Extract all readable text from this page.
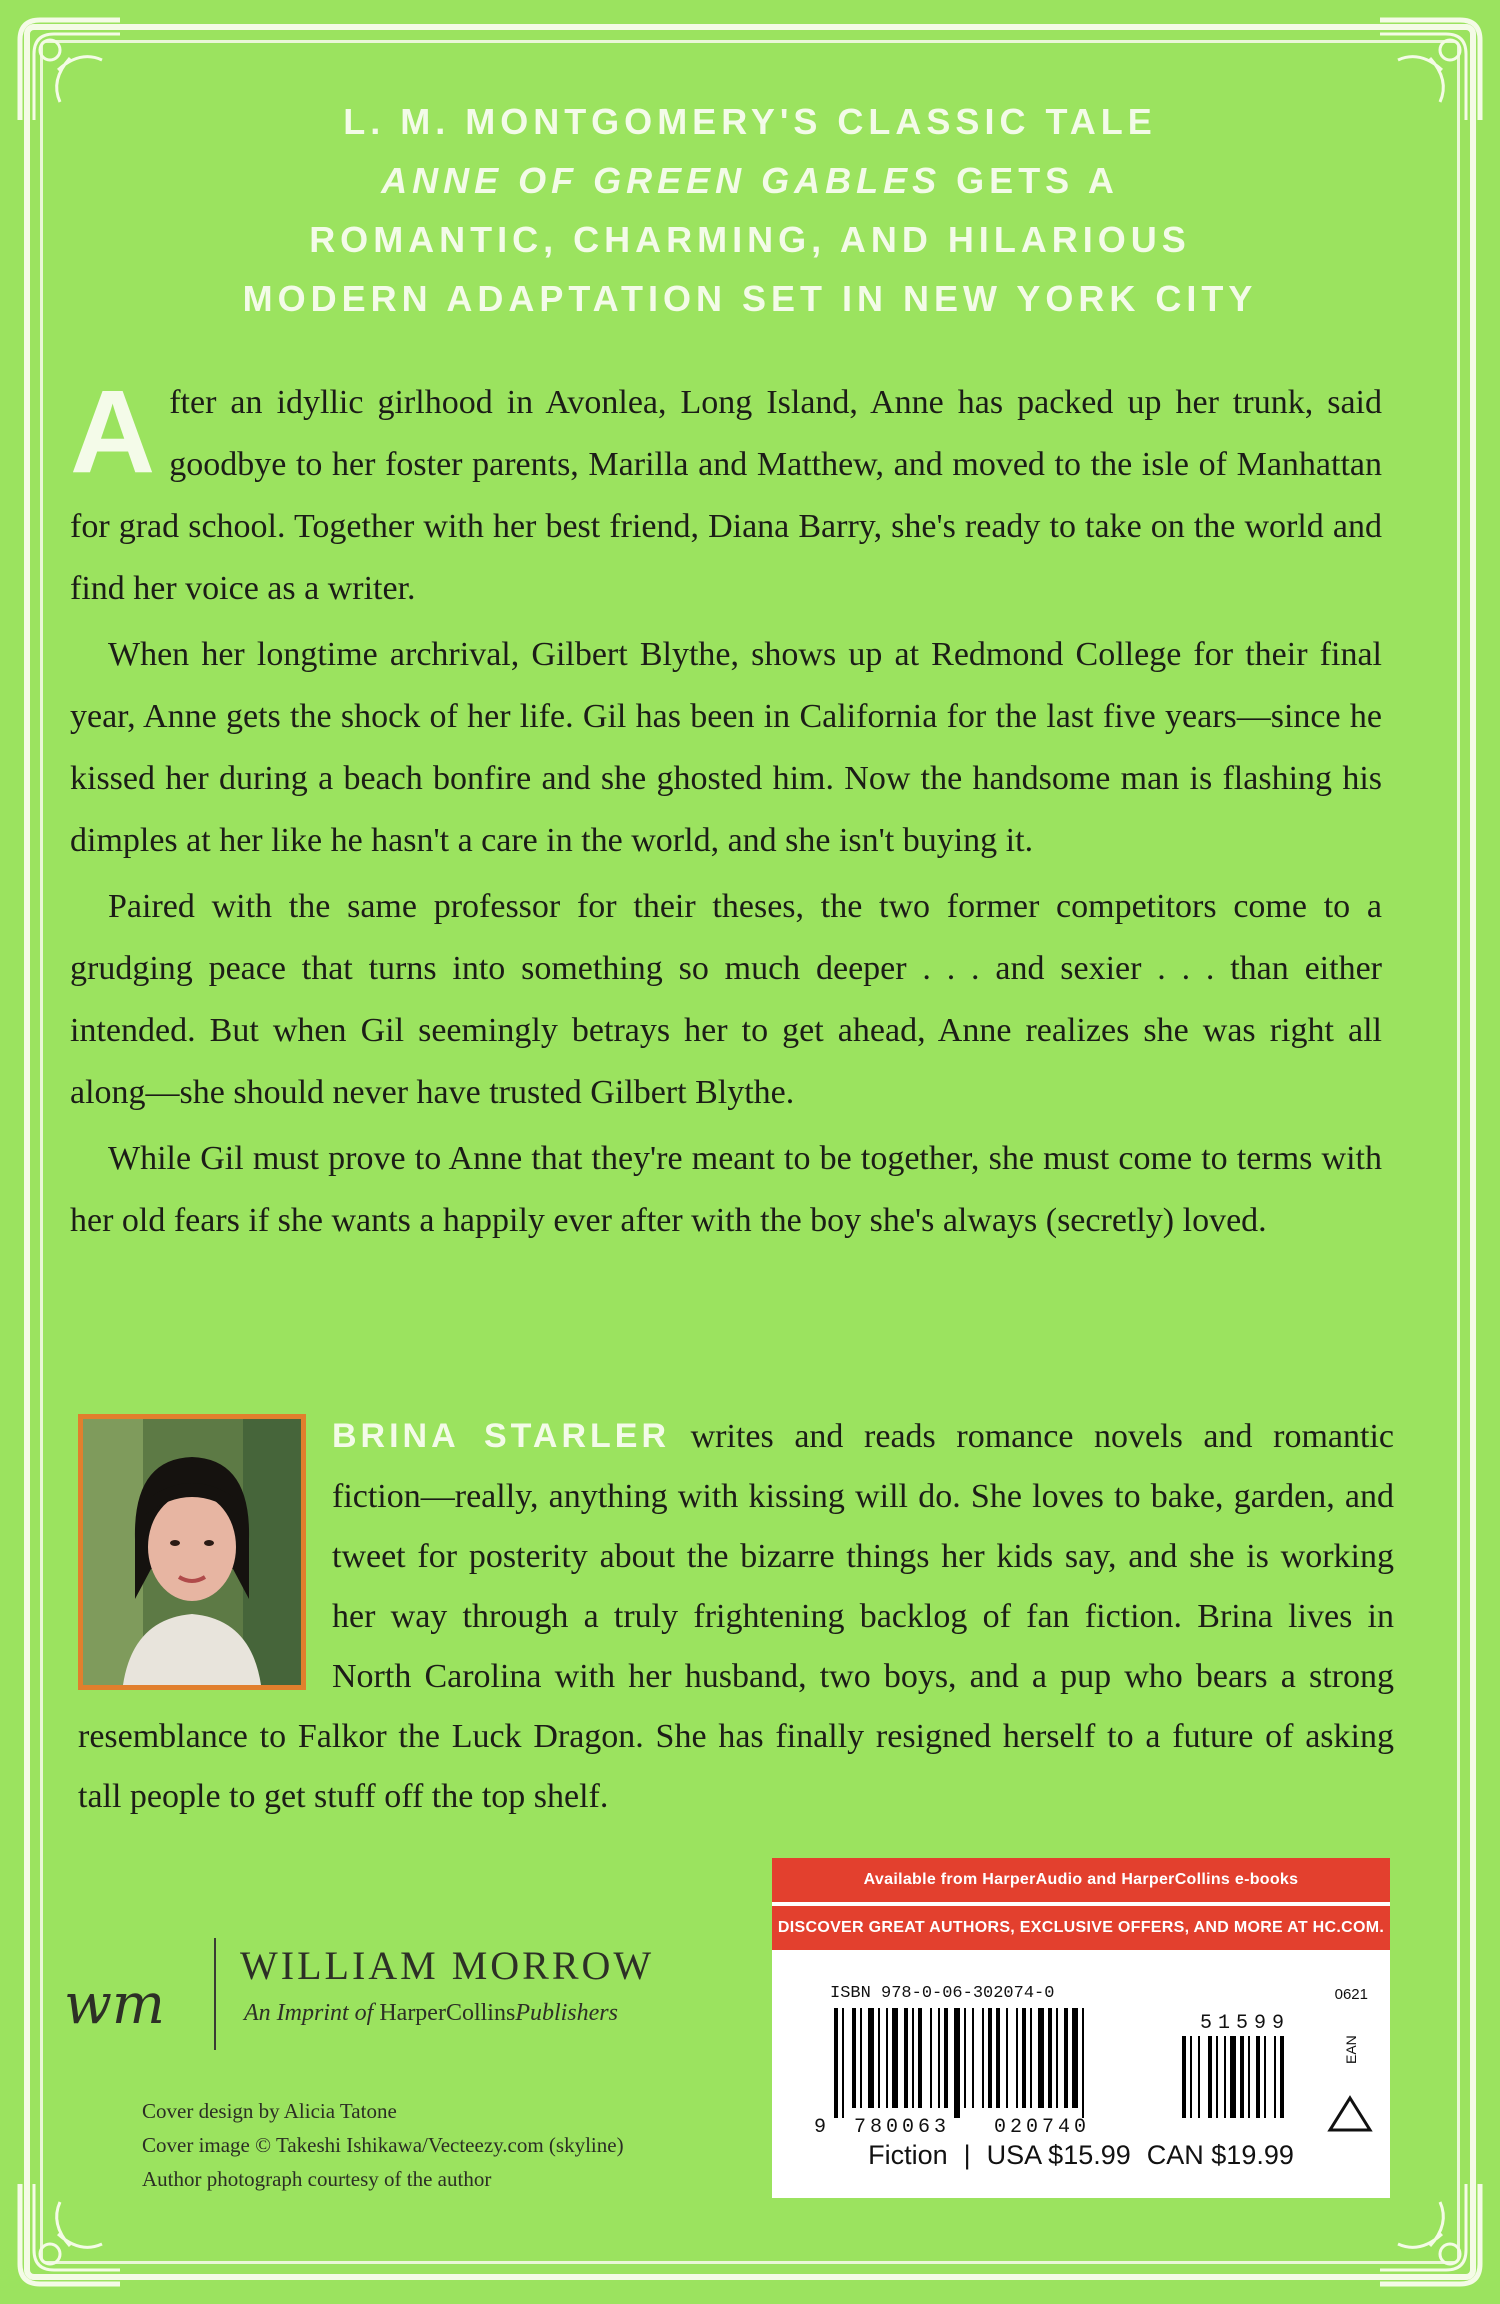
L. M. MONTGOMERY'S CLASSIC TALE
ANNE OF GREEN GABLES GETS A
ROMANTIC, CHARMING, AND HILARIOUS
MODERN ADAPTATION SET IN NEW YORK CITY

After an idyllic girlhood in Avonlea, Long Island, Anne has packed up her trunk, said goodbye to her foster parents, Marilla and Matthew, and moved to the isle of Manhattan for grad school. Together with her best friend, Diana Barry, she's ready to take on the world and find her voice as a writer.

When her longtime archrival, Gilbert Blythe, shows up at Redmond College for their final year, Anne gets the shock of her life. Gil has been in California for the last five years—since he kissed her during a beach bonfire and she ghosted him. Now the handsome man is flashing his dimples at her like he hasn't a care in the world, and she isn't buying it.

Paired with the same professor for their theses, the two former competitors come to a grudging peace that turns into something so much deeper . . . and sexier . . . than either intended. But when Gil seemingly betrays her to get ahead, Anne realizes she was right all along—she should never have trusted Gilbert Blythe.

While Gil must prove to Anne that they're meant to be together, she must come to terms with her old fears if she wants a happily ever after with the boy she's always (secretly) loved.

BRINA STARLER writes and reads romance novels and romantic fiction—really, anything with kissing will do. She loves to bake, garden, and tweet for posterity about the bizarre things her kids say, and she is working her way through a truly frightening backlog of fan fiction. Brina lives in North Carolina with her husband, two boys, and a pup who bears a strong resemblance to Falkor the Luck Dragon. She has finally resigned herself to a future of asking tall people to get stuff off the top shelf.
wm
WILLIAM MORROW
An Imprint of HarperCollinsPublishers
Cover design by Alicia Tatone
Cover image © Takeshi Ishikawa/Vecteezy.com (skyline)
Author photograph courtesy of the author
Available from HarperAudio and HarperCollins e-books
DISCOVER GREAT AUTHORS, EXCLUSIVE OFFERS, AND MORE AT HC.COM.
ISBN 978-0-06-302074-0	0621
9 780063 020740
51599
EAN
Fiction | USA $15.99 CAN $19.99
